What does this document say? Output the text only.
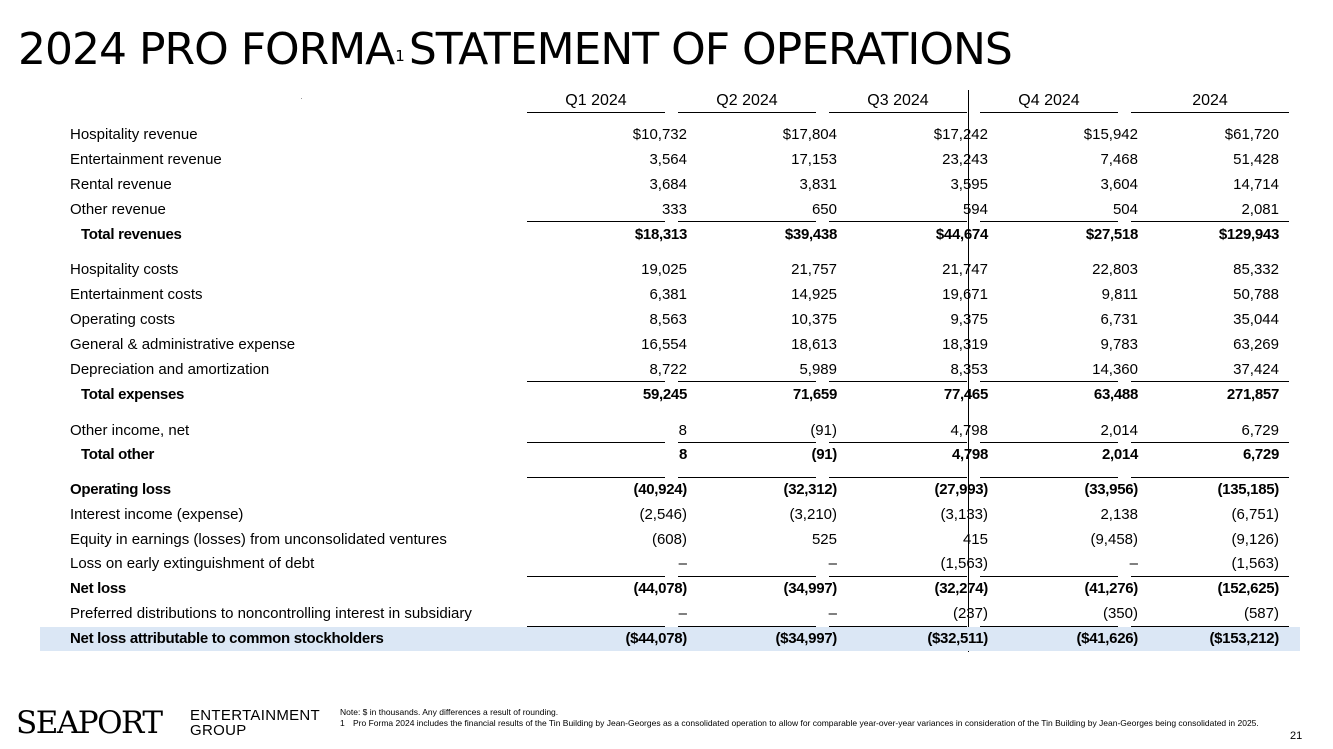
2024 PRO FORMA$^1$STATEMENT OF OPERATIONS
Q1 2024	Q2 2024	Q3 2024	Q4 2024	2024
Hospitality revenue	$10,732	$17,804	$17,242	$15,942	$61,720
Entertainment revenue	3,564	17,153	23,243	7,468	51,428
Rental revenue	3,684	3,831	3,595	3,604	14,714
Other revenue	333	650	594	504	2,081
Total revenues	$18,313	$39,438	$44,674	$27,518	$129,943
Hospitality costs	19,025	21,757	21,747	22,803	85,332
Entertainment costs	6,381	14,925	19,671	9,811	50,788
Operating costs	8,563	10,375	9,375	6,731	35,044
General & administrative expense	16,554	18,613	18,319	9,783	63,269
Depreciation and amortization	8,722	5,989	8,353	14,360	37,424
Total expenses	59,245	71,659	77,465	63,488	271,857
Other income, net	8	(91)	4,798	2,014	6,729
Total other	8	(91)	4,798	2,014	6,729
Operating loss	(40,924)	(32,312)	(27,993)	(33,956)	(135,185)
Interest income (expense)	(2,546)	(3,210)	(3,133)	2,138	(6,751)
Equity in earnings (losses) from unconsolidated ventures	(608)	525	415	(9,458)	(9,126)
Loss on early extinguishment of debt	–	–	(1,563)	–	(1,563)
Net loss	(44,078)	(34,997)	(32,274)	(41,276)	(152,625)
Preferred distributions to noncontrolling interest in subsidiary	–	–	(237)	(350)	(587)
Net loss attributable to common stockholders	($44,078)	($34,997)	($32,511)	($41,626)	($153,212)
SEAPORT ENTERTAINMENT
GROUP
Note: $ in thousands. Any differences a result of rounding.
1 Pro Forma 2024 includes the financial results of the Tin Building by Jean-Georges as a consolidated operation to allow for comparable year-over-year variances in consideration of the Tin Building by Jean-Georges being consolidated in 2025.
21
